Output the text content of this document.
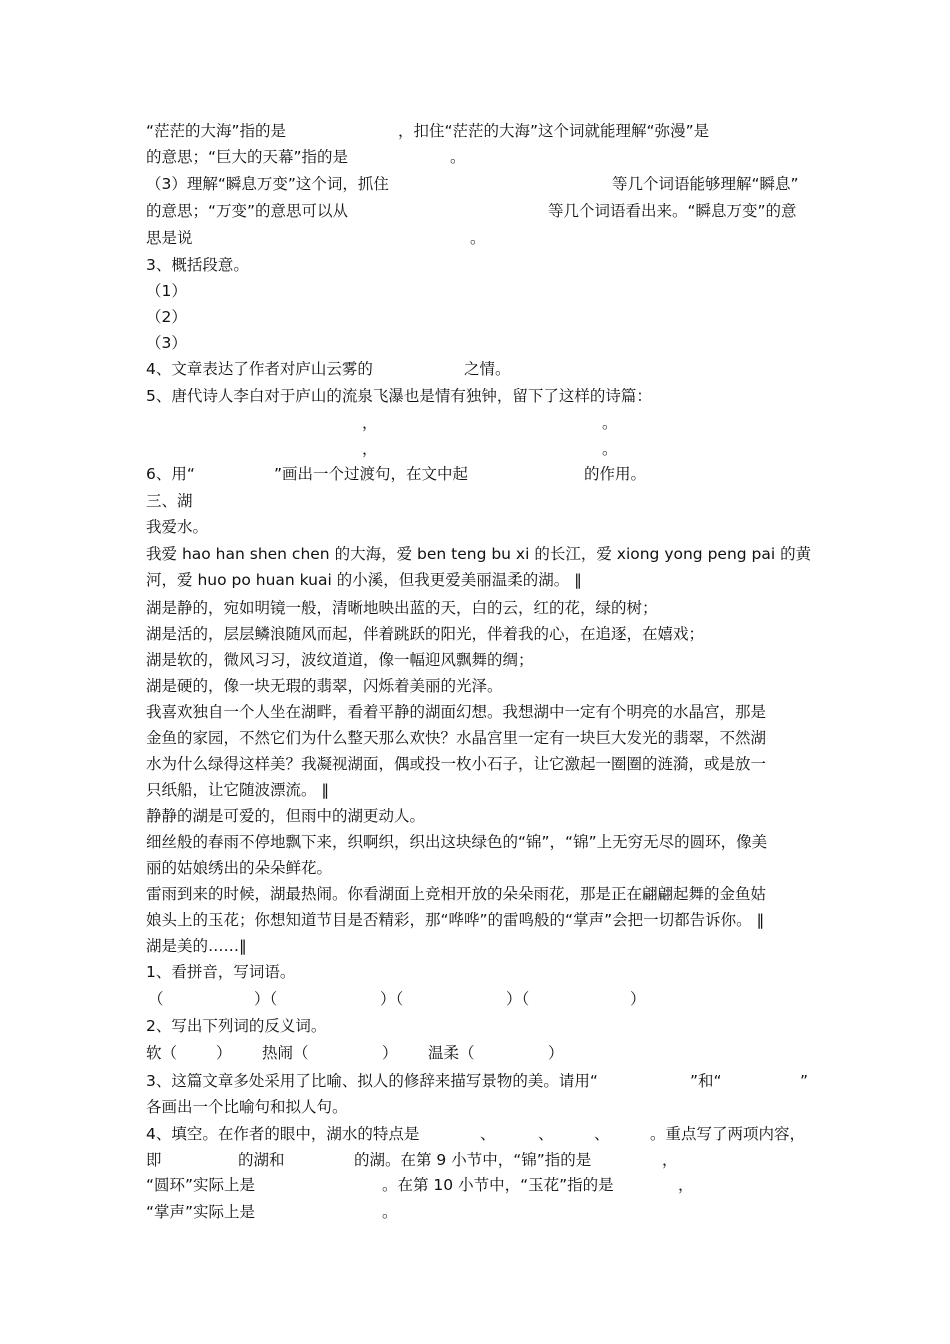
“茫茫的大海”指的是	，扣住“茫茫的大海”这个词就能理解“弥漫”是
的意思；“巨大的天幕”指的是	。
（3）理解“瞬息万变”这个词，抓住	等几个词语能够理解“瞬息”
的意思；“万变”的意思可以从	等几个词语看出来。“瞬息万变”的意
思是说	。
3、概括段意。
（1）
（2）
（3）
4、文章表达了作者对庐山云雾的	之情。
5、唐代诗人李白对于庐山的流泉飞瀑也是情有独钟，留下了这样的诗篇：
，	。
，	。
6、用“	”画出一个过渡句，在文中起	的作用。
三、湖
我爱水。
我爱 hao han shen chen 的大海，爱 ben teng bu xi 的长江，爱 xiong yong peng pai 的黄
河，爱 huo po huan kuai 的小溪，但我更爱美丽温柔的湖。 ‖
湖是静的，宛如明镜一般，清晰地映出蓝的天，白的云，红的花，绿的树；
湖是活的，层层鳞浪随风而起，伴着跳跃的阳光，伴着我的心，在追逐，在嬉戏；
湖是软的，微风习习，波纹道道，像一幅迎风飘舞的绸；
湖是硬的，像一块无瑕的翡翠，闪烁着美丽的光泽。
我喜欢独自一个人坐在湖畔，看着平静的湖面幻想。我想湖中一定有个明亮的水晶宫，那是
金鱼的家园，不然它们为什么整天那么欢快？水晶宫里一定有一块巨大发光的翡翠，不然湖
水为什么绿得这样美？我凝视湖面，偶或投一枚小石子，让它激起一圈圈的涟漪，或是放一
只纸船，让它随波漂流。 ‖
静静的湖是可爱的，但雨中的湖更动人。
细丝般的春雨不停地飘下来，织啊织，织出这块绿色的“锦”，“锦”上无穷无尽的圆环，像美
丽的姑娘绣出的朵朵鲜花。
雷雨到来的时候，湖最热闹。你看湖面上竞相开放的朵朵雨花，那是正在翩翩起舞的金鱼姑
娘头上的玉花；你想知道节目是否精彩，那“哗哗”的雷鸣般的“掌声”会把一切都告诉你。 ‖
湖是美的……‖
1、看拼音，写词语。
（	）（	）（	）（	）
2、写出下列词的反义词。
软（	） 热闹（	） 温柔（	）
3、这篇文章多处采用了比喻、拟人的修辞来描写景物的美。请用“	”和“	”
各画出一个比喻句和拟人句。
4、填空。在作者的眼中，湖水的特点是	、	、	、	。重点写了两项内容，
即	的湖和	的湖。在第 9 小节中，“锦”指的是	，
“圆环”实际上是	。在第 10 小节中，“玉花”指的是	，
“掌声”实际上是	。
